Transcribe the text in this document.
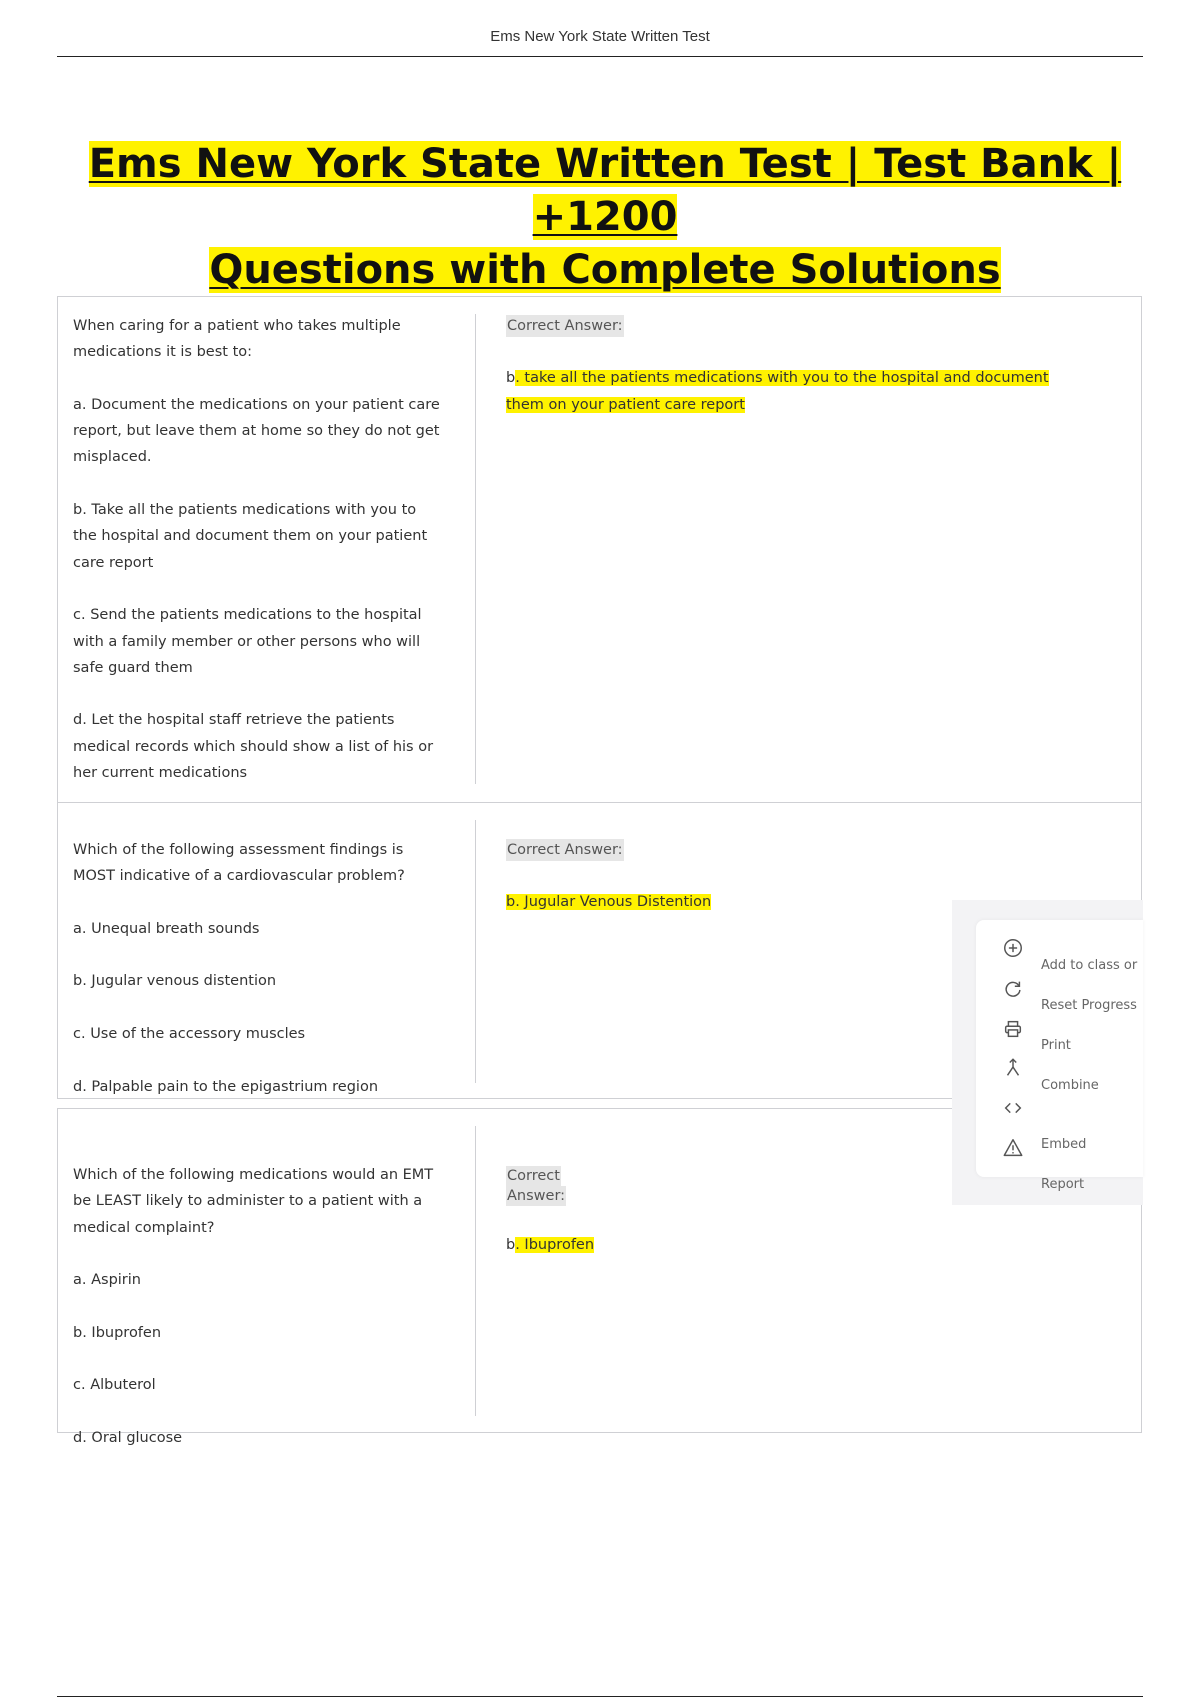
Ems New York State Written Test
Ems New York State Written Test | Test Bank | +1200
Questions with Complete Solutions

When caring for a patient who takes multiple medications it is best to:

a. Document the medications on your patient care report, but leave them at home so they do not get misplaced.

b. Take all the patients medications with you to the hospital and document them on your patient care report

c. Send the patients medications to the hospital with a family member or other persons who will safe guard them

d. Let the hospital staff retrieve the patients medical records which should show a list of his or her current medications

Correct Answer:
b. take all the patients medications with you to the hospital and document them on your patient care report

Which of the following assessment findings is MOST indicative of a cardiovascular problem?

a. Unequal breath sounds

b. Jugular venous distention

c. Use of the accessory muscles

d. Palpable pain to the epigastrium region

Correct Answer:
b. Jugular Venous Distention

Which of the following medications would an EMT be LEAST likely to administer to a patient with a medical complaint?

a. Aspirin

b. Ibuprofen

c. Albuterol

d. Oral glucose

Correct
Answer:
b. Ibuprofen
Add to class or
Reset Progress
Print
Combine
Embed
Report
